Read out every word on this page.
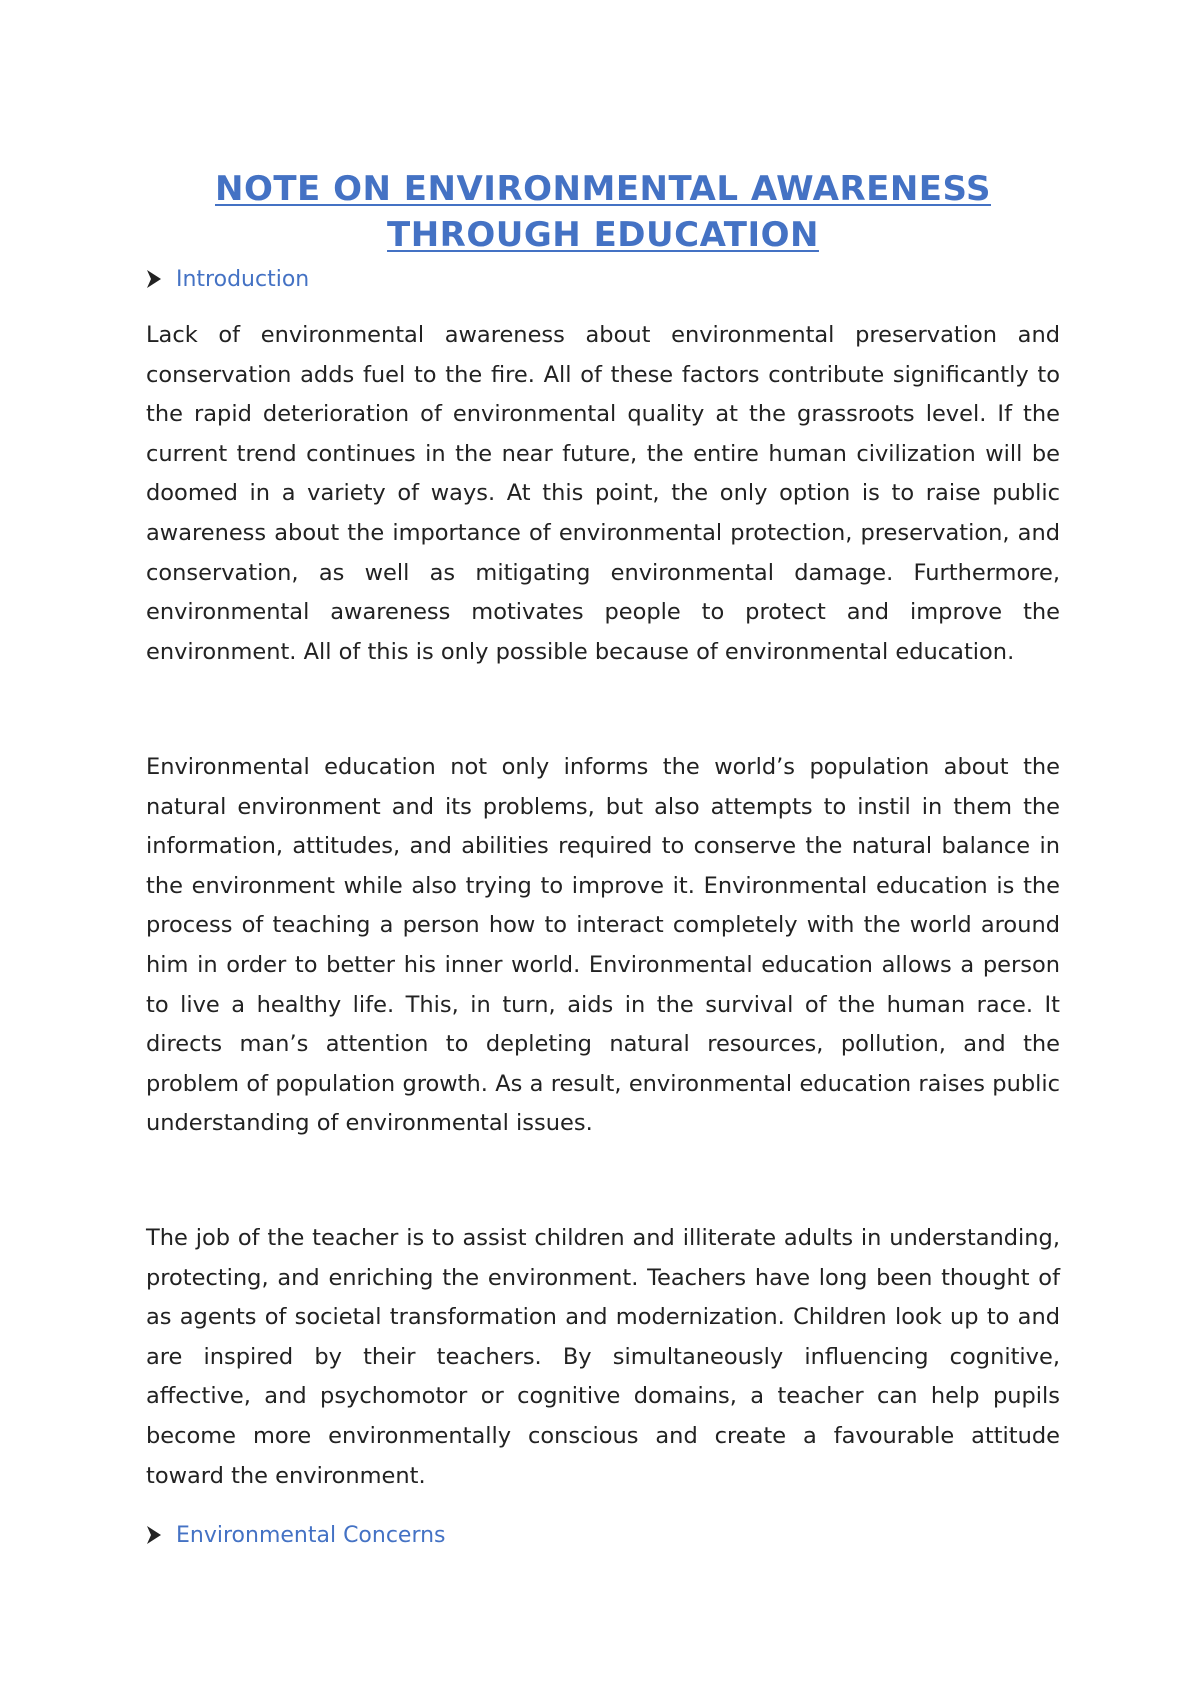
NOTE ON ENVIRONMENTAL AWARENESS
THROUGH EDUCATION
Introduction

Lack of environmental awareness about environmental preservation and conservation adds fuel to the fire. All of these factors contribute significantly to the rapid deterioration of environmental quality at the grassroots level. If the current trend continues in the near future, the entire human civilization will be doomed in a variety of ways. At this point, the only option is to raise public awareness about the importance of environmental protection, preservation, and conservation, as well as mitigating environmental damage. Furthermore, environmental awareness motivates people to protect and improve the environment. All of this is only possible because of environmental education.

Environmental education not only informs the world’s population about the natural environment and its problems, but also attempts to instil in them the information, attitudes, and abilities required to conserve the natural balance in the environment while also trying to improve it. Environmental education is the process of teaching a person how to interact completely with the world around him in order to better his inner world. Environmental education allows a person to live a healthy life. This, in turn, aids in the survival of the human race. It directs man’s attention to depleting natural resources, pollution, and the problem of population growth. As a result, environmental education raises public understanding of environmental issues.

The job of the teacher is to assist children and illiterate adults in understanding, protecting, and enriching the environment. Teachers have long been thought of as agents of societal transformation and modernization. Children look up to and are inspired by their teachers. By simultaneously influencing cognitive, affective, and psychomotor or cognitive domains, a teacher can help pupils become more environmentally conscious and create a favourable attitude toward the environment.

Environmental Concerns
